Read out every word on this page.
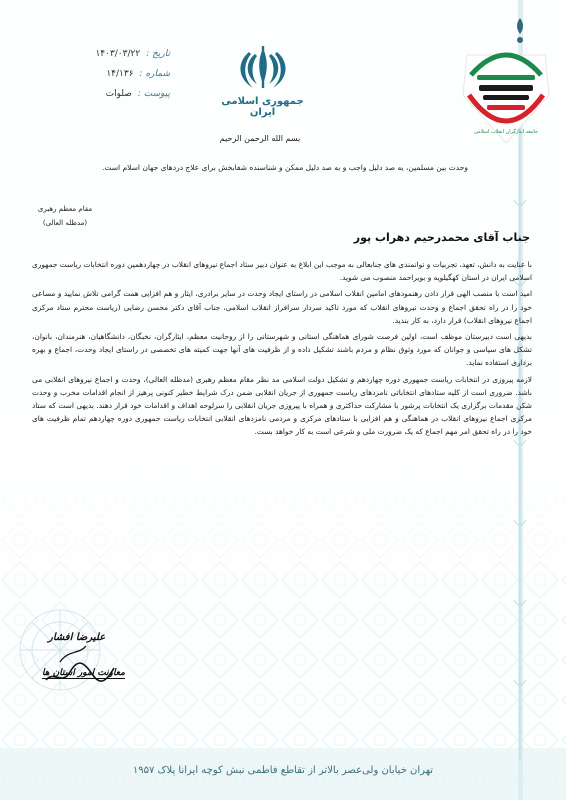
تاریخ :
۱۴۰۳/۰۳/۲۲
شماره :
۱۴/۱۳۶
پیوست :
صلوات
جمهوری اسلامی ایران
جامعه ایثارگران انقلاب اسلامی
بسم الله الرحمن الرحیم
وحدت بین مسلمین، یه صد دلیل واجب و به صد دلیل ممکن و شناسنده شفابخش برای علاج دردهای جهان اسلام است.
مقام معظم رهبری (مدظله العالی)
جناب آقای محمدرحیم دهراب پور

با عنایت به دانش، تعهد، تجربیات و توانمندی های جنابعالی به موجب این ابلاغ به عنوان دبیر ستاد اجماع نیروهای انقلاب در چهاردهمین دوره انتخابات ریاست جمهوری اسلامی ایران در استان کهگیلویه و بویراحمد منصوب می شوید.

امید است با منصب الهی قرار دادن رهنمودهای امامین انقلاب اسلامی در راستای ایجاد وحدت در سایر برادری، ایثار و هم افزایی همت گرامی تلاش نمایید و مساعی خود را در راه تحقق اجماع و وحدت نیروهای انقلاب که مورد تاکید سردار سرافراز انقلاب اسلامی، جناب آقای دکتر محسن رضایی (ریاست محترم ستاد مرکزی اجماع نیروهای انقلاب) قرار دارد، به کار بندید.

بدیهی است دبیرستان موظف است، اولین فرصت شورای هماهنگی استانی و شهرستانی را از روحانیت معظم، ایثارگران، نخبگان، دانشگاهیان، هنرمندان، بانوان، تشکل های سیاسی و جوانان که مورد وثوق نظام و مردم باشند تشکیل داده و از ظرفیت های آنها جهت کمیته های تخصصی در راستای ایجاد وحدت، اجماع و بهره برداری استفاده نماید.

لازمه پیروزی در انتخابات ریاست جمهوری دوره چهاردهم و تشکیل دولت اسلامی مد نظر مقام معظم رهبری (مدظله العالی)، وحدت و اجماع نیروهای انقلابی می باشد. ضروری است از کلیه ستادهای انتخاباتی نامزدهای ریاست جمهوری از جریان انقلابی ضمن درک شرایط خطیر کنونی پرهیز از انجام اقدامات مخرب و وحدت شکن مقدمات برگزاری یک انتخابات پرشور با مشارکت حداکثری و همراه با پیروزی جریان انقلابی را سرلوحه اهداف و اقدامات خود قرار دهند. بدیهی است که ستاد مرکزی اجماع نیروهای انقلاب در هماهنگی و هم افزایی با ستادهای مرکزی و مردمی نامزدهای انقلابی انتخابات ریاست جمهوری دوره چهاردهم تمام ظرفیت های خود را در راه تحقق امر مهم اجماع که یک ضرورت ملی و شرعی است به کار خواهد بست.

علیرضا افشار
معاونت امور استان ها
تهران خیابان ولی‌عصر بالاتر از تقاطع فاطمی نبش کوچه ایرانا پلاک ۱۹۵۷
